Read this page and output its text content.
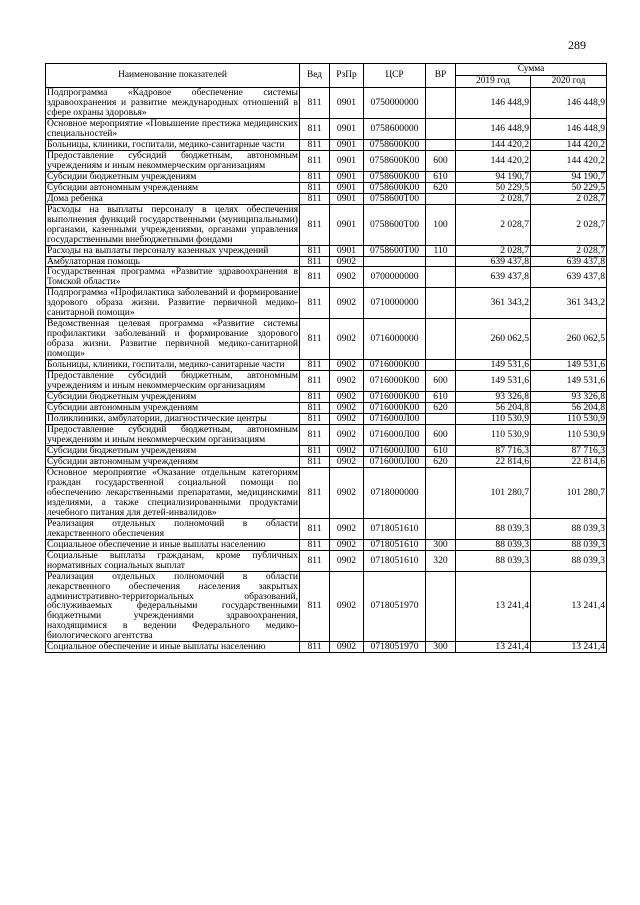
289
Наименование показателей	Вед	РзПр	ЦСР	ВР	Сумма	
					2019 год	2020 год
Подпрограмма «Кадровое обеспечение системы здравоохранения и развитие международных отношений в сфере охраны здоровья»	811	0901	0750000000		146 448,9	146 448,9
Основное мероприятие «Повышение престижа медицинских специальностей»	811	0901	0758600000		146 448,9	146 448,9
Больницы, клиники, госпитали, медико-санитарные части	811	0901	0758600К00		144 420,2	144 420,2
Предоставление субсидий бюджетным, автономным учреждениям и иным некоммерческим организациям	811	0901	0758600К00	600	144 420,2	144 420,2
Субсидии бюджетным учреждениям	811	0901	0758600К00	610	94 190,7	94 190,7
Субсидии автономным учреждениям	811	0901	0758600К00	620	50 229,5	50 229,5
Дома ребенка	811	0901	0758600Т00		2 028,7	2 028,7
Расходы на выплаты персоналу в целях обеспечения выполнения функций государственными (муниципальными) органами, казенными учреждениями, органами управления государственными внебюджетными фондами	811	0901	0758600Т00	100	2 028,7	2 028,7
Расходы на выплаты персоналу казенных учреждений	811	0901	0758600Т00	110	2 028,7	2 028,7
Амбулаторная помощь	811	0902			639 437,8	639 437,8
Государственная программа «Развитие здравоохранения в Томской области»	811	0902	0700000000		639 437,8	639 437,8
Подпрограмма «Профилактика заболеваний и формирование здорового образа жизни. Развитие первичной медико-санитарной помощи»	811	0902	0710000000		361 343,2	361 343,2
Ведомственная целевая программа «Развитие системы профилактики заболеваний и формирование здорового образа жизни. Развитие первичной медико-санитарной помощи»	811	0902	0716000000		260 062,5	260 062,5
Больницы, клиники, госпитали, медико-санитарные части	811	0902	0716000К00		149 531,6	149 531,6
Предоставление субсидий бюджетным, автономным учреждениям и иным некоммерческим организациям	811	0902	0716000К00	600	149 531,6	149 531,6
Субсидии бюджетным учреждениям	811	0902	0716000К00	610	93 326,8	93 326,8
Субсидии автономным учреждениям	811	0902	0716000К00	620	56 204,8	56 204,8
Поликлиники, амбулатории, диагностические центры	811	0902	0716000Л00		110 530,9	110 530,9
Предоставление субсидий бюджетным, автономным учреждениям и иным некоммерческим организациям	811	0902	0716000Л00	600	110 530,9	110 530,9
Субсидии бюджетным учреждениям	811	0902	0716000Л00	610	87 716,3	87 716,3
Субсидии автономным учреждениям	811	0902	0716000Л00	620	22 814,6	22 814,6
Основное мероприятие «Оказание отдельным категориям граждан государственной социальной помощи по обеспечению лекарственными препаратами, медицинскими изделиями, а также специализированными продуктами лечебного питания для детей-инвалидов»	811	0902	0718000000		101 280,7	101 280,7
Реализация отдельных полномочий в области лекарственного обеспечения	811	0902	0718051610		88 039,3	88 039,3
Социальное обеспечение и иные выплаты населению	811	0902	0718051610	300	88 039,3	88 039,3
Социальные выплаты гражданам, кроме публичных нормативных социальных выплат	811	0902	0718051610	320	88 039,3	88 039,3
Реализация отдельных полномочий в области лекарственного обеспечения населения закрытых административно-территориальных образований, обслуживаемых федеральными государственными бюджетными учреждениями здравоохранения, находящимися в ведении Федерального медико-биологического агентства	811	0902	0718051970		13 241,4	13 241,4
Социальное обеспечение и иные выплаты населению	811	0902	0718051970	300	13 241,4	13 241,4
